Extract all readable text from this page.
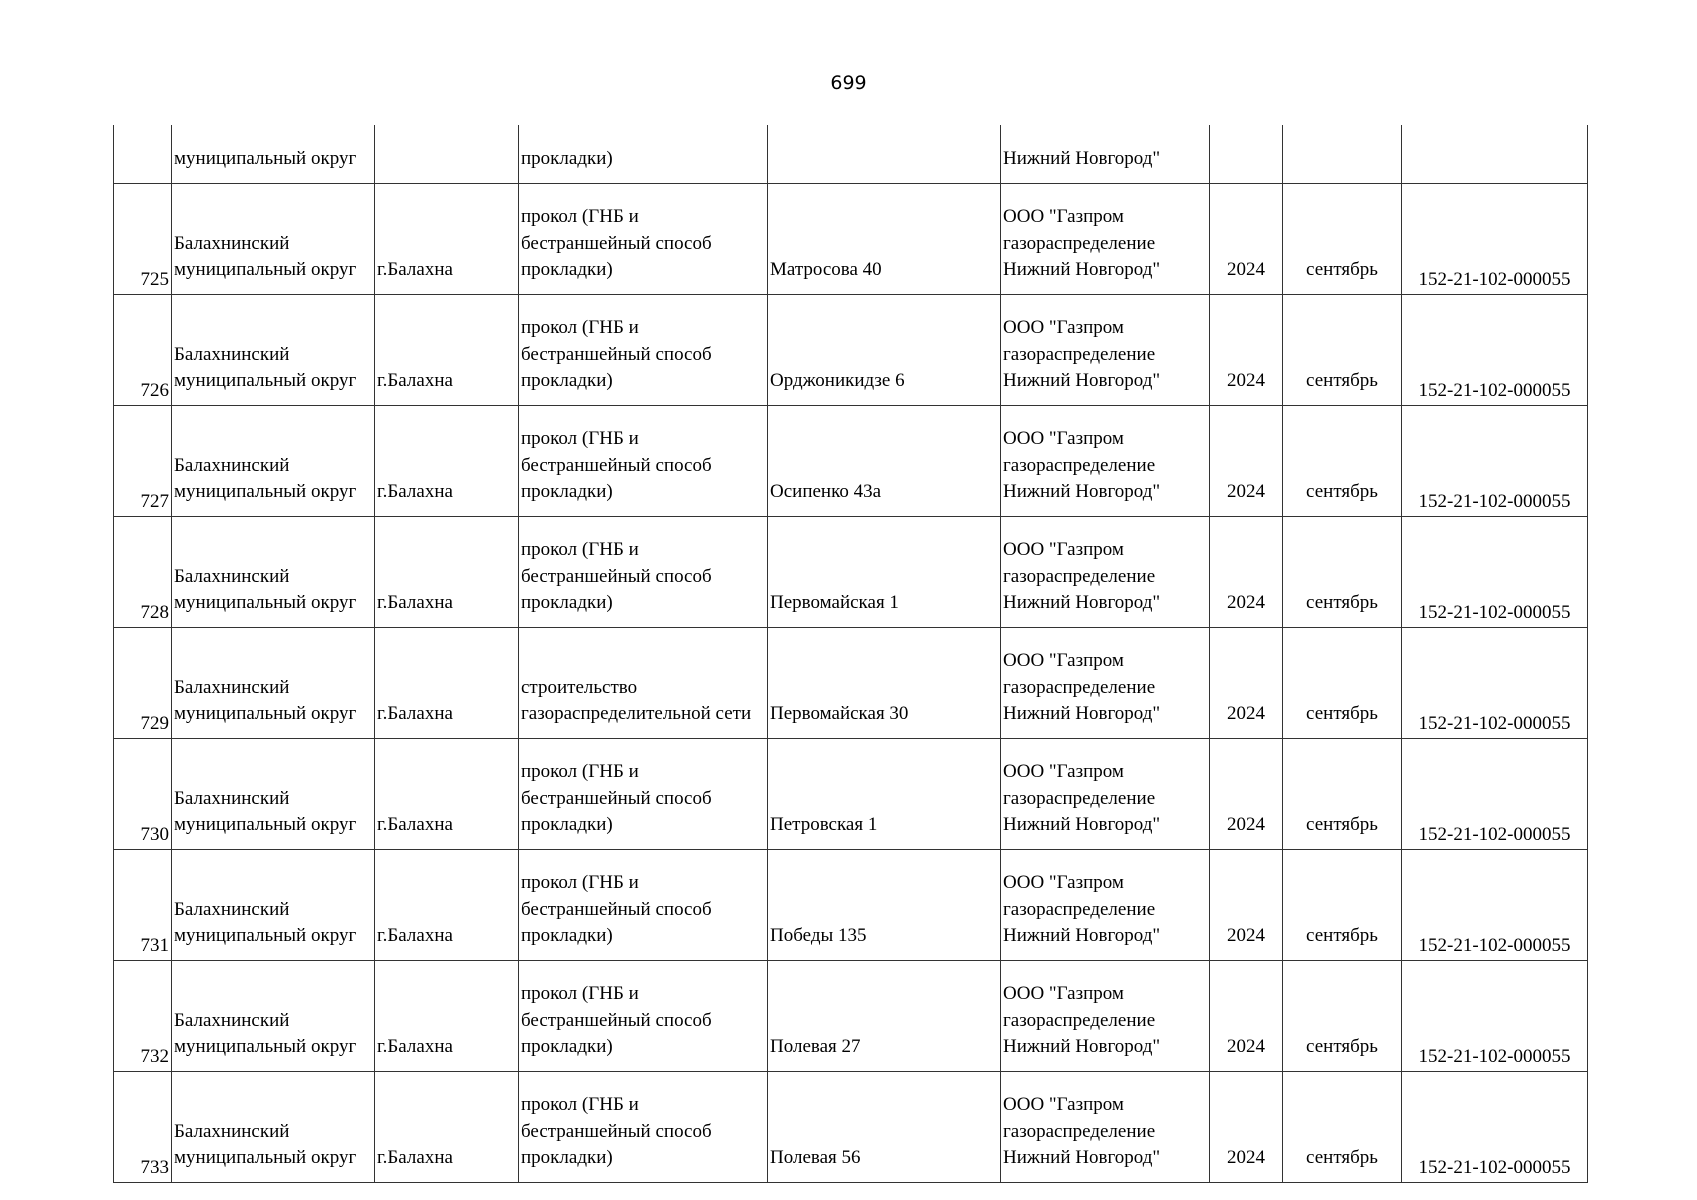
699
	муниципальный округ		прокладки)		Нижний Новгород"			
725	Балахнинский
муниципальный округ	г.Балахна	прокол (ГНБ и
бестраншейный способ
прокладки)	Матросова 40	ООО "Газпром
газораспределение
Нижний Новгород"	2024	сентябрь	152-21-102-000055
726	Балахнинский
муниципальный округ	г.Балахна	прокол (ГНБ и
бестраншейный способ
прокладки)	Орджоникидзе 6	ООО "Газпром
газораспределение
Нижний Новгород"	2024	сентябрь	152-21-102-000055
727	Балахнинский
муниципальный округ	г.Балахна	прокол (ГНБ и
бестраншейный способ
прокладки)	Осипенко 43а	ООО "Газпром
газораспределение
Нижний Новгород"	2024	сентябрь	152-21-102-000055
728	Балахнинский
муниципальный округ	г.Балахна	прокол (ГНБ и
бестраншейный способ
прокладки)	Первомайская 1	ООО "Газпром
газораспределение
Нижний Новгород"	2024	сентябрь	152-21-102-000055
729	Балахнинский
муниципальный округ	г.Балахна	строительство
газораспределительной сети	Первомайская 30	ООО "Газпром
газораспределение
Нижний Новгород"	2024	сентябрь	152-21-102-000055
730	Балахнинский
муниципальный округ	г.Балахна	прокол (ГНБ и
бестраншейный способ
прокладки)	Петровская 1	ООО "Газпром
газораспределение
Нижний Новгород"	2024	сентябрь	152-21-102-000055
731	Балахнинский
муниципальный округ	г.Балахна	прокол (ГНБ и
бестраншейный способ
прокладки)	Победы 135	ООО "Газпром
газораспределение
Нижний Новгород"	2024	сентябрь	152-21-102-000055
732	Балахнинский
муниципальный округ	г.Балахна	прокол (ГНБ и
бестраншейный способ
прокладки)	Полевая 27	ООО "Газпром
газораспределение
Нижний Новгород"	2024	сентябрь	152-21-102-000055
733	Балахнинский
муниципальный округ	г.Балахна	прокол (ГНБ и
бестраншейный способ
прокладки)	Полевая 56	ООО "Газпром
газораспределение
Нижний Новгород"	2024	сентябрь	152-21-102-000055
